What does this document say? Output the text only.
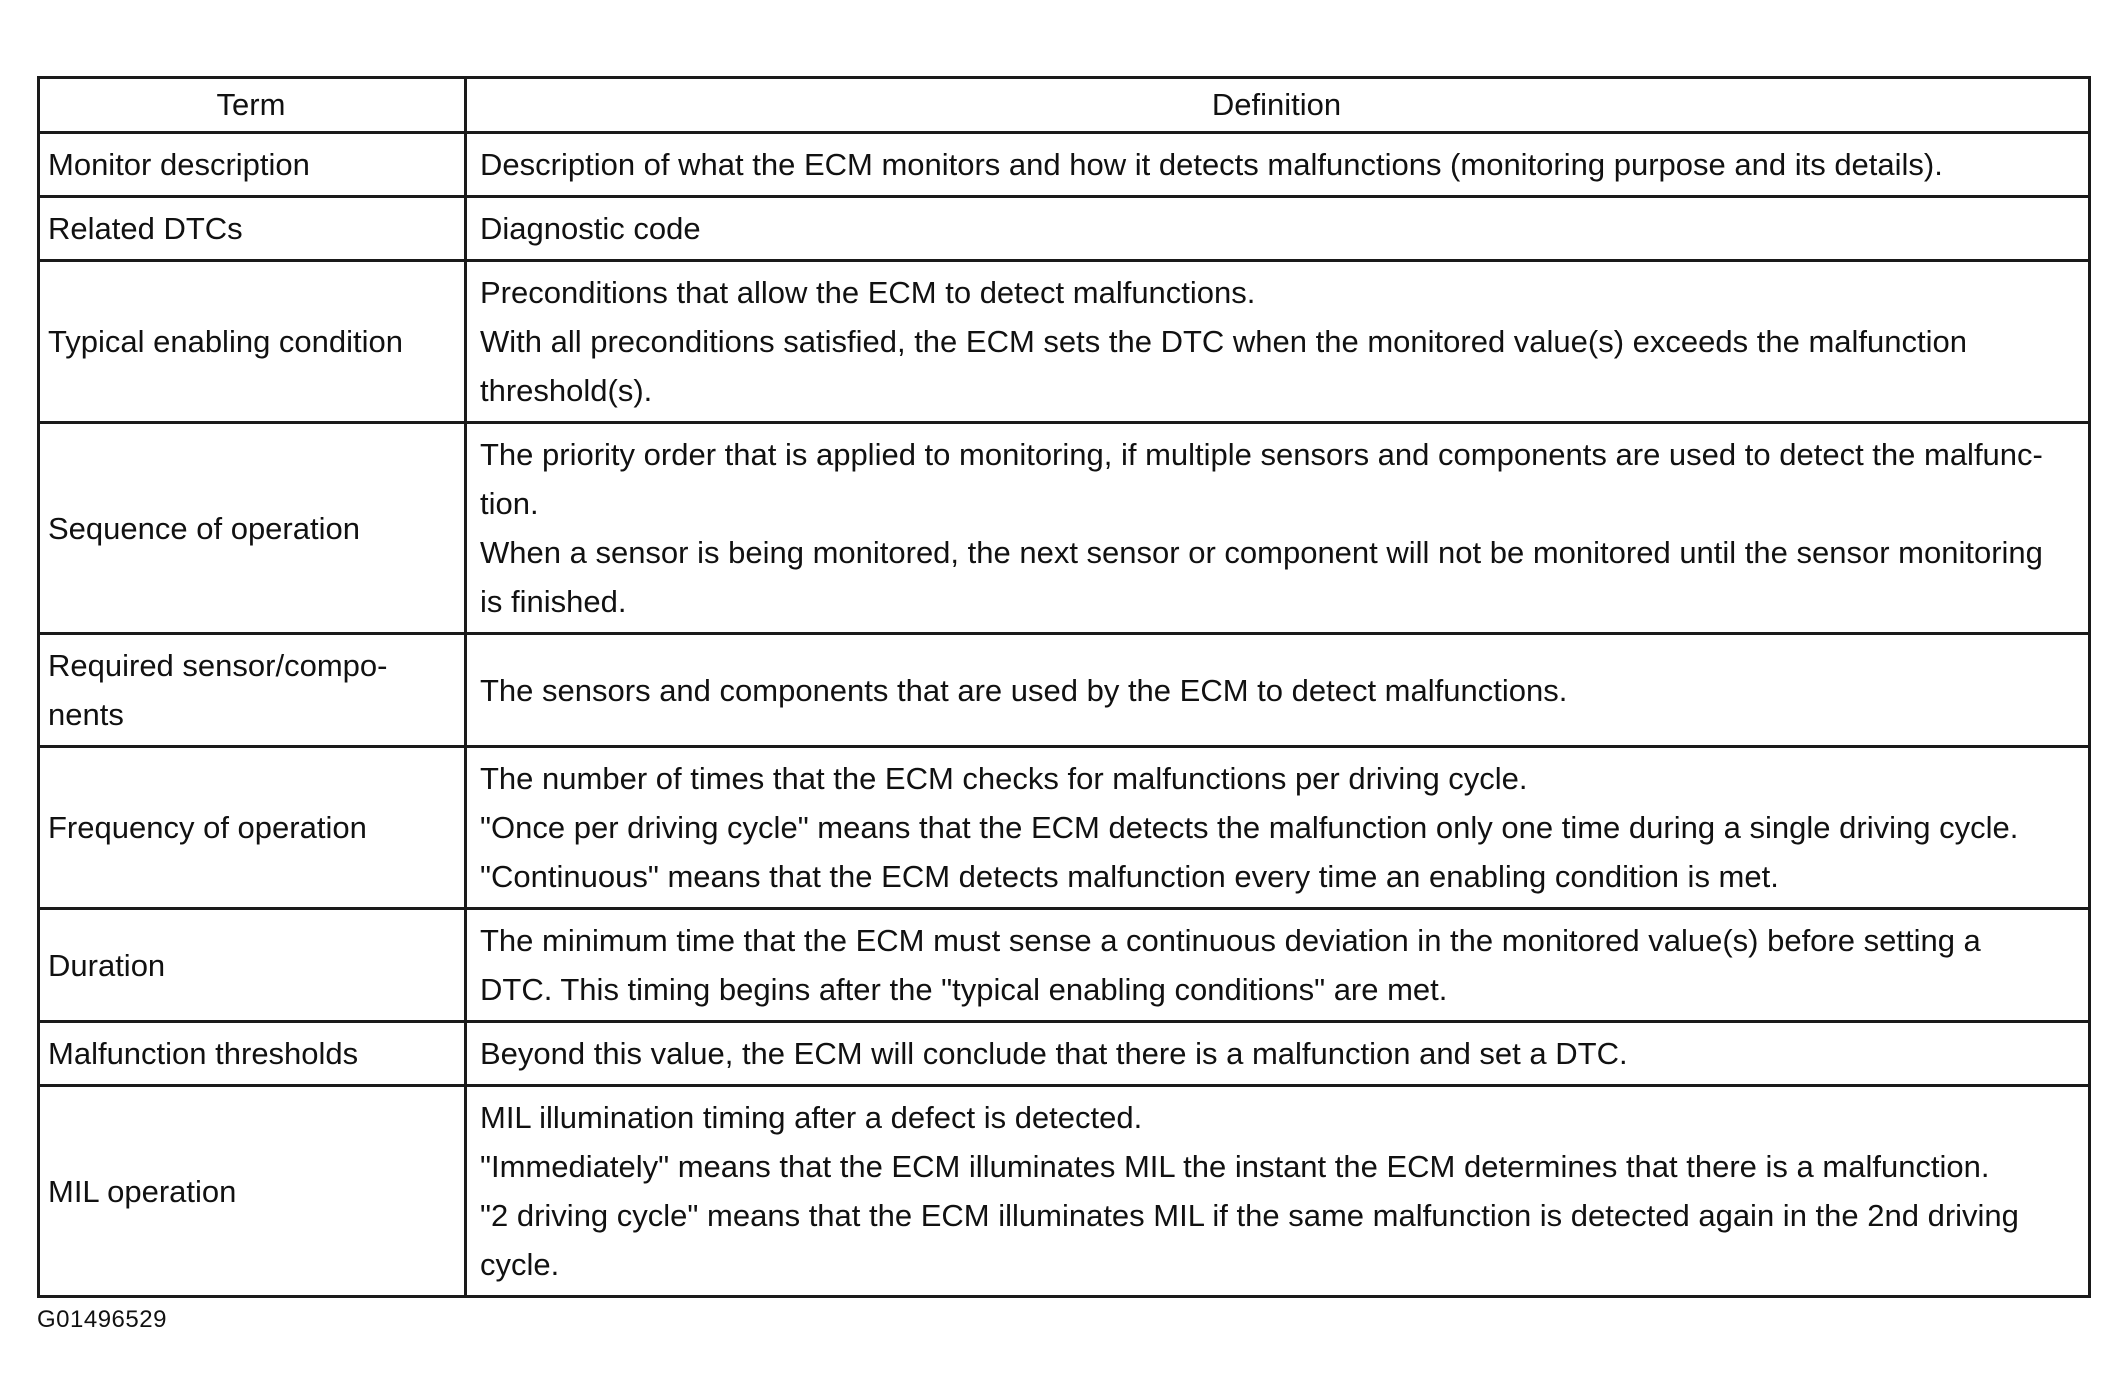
Term	Definition

Monitor description	Description of what the ECM monitors and how it detects malfunctions (monitoring purpose and its details).

Related DTCs	Diagnostic code

Typical enabling condition	Preconditions that allow the ECM to detect malfunctions.
With all preconditions satisfied, the ECM sets the DTC when the monitored value(s) exceeds the malfunction
threshold(s).

Sequence of operation	The priority order that is applied to monitoring, if multiple sensors and components are used to detect the malfunc-
tion.
When a sensor is being monitored, the next sensor or component will not be monitored until the sensor monitoring
is finished.

Required sensor/compo-
nents	The sensors and components that are used by the ECM to detect malfunctions.

Frequency of operation	The number of times that the ECM checks for malfunctions per driving cycle.
"Once per driving cycle" means that the ECM detects the malfunction only one time during a single driving cycle.
"Continuous" means that the ECM detects malfunction every time an enabling condition is met.

Duration	The minimum time that the ECM must sense a continuous deviation in the monitored value(s) before setting a
DTC. This timing begins after the "typical enabling conditions" are met.

Malfunction thresholds	Beyond this value, the ECM will conclude that there is a malfunction and set a DTC.

MIL operation	MIL illumination timing after a defect is detected.
"Immediately" means that the ECM illuminates MIL the instant the ECM determines that there is a malfunction.
"2 driving cycle" means that the ECM illuminates MIL if the same malfunction is detected again in the 2nd driving
cycle.
G01496529
